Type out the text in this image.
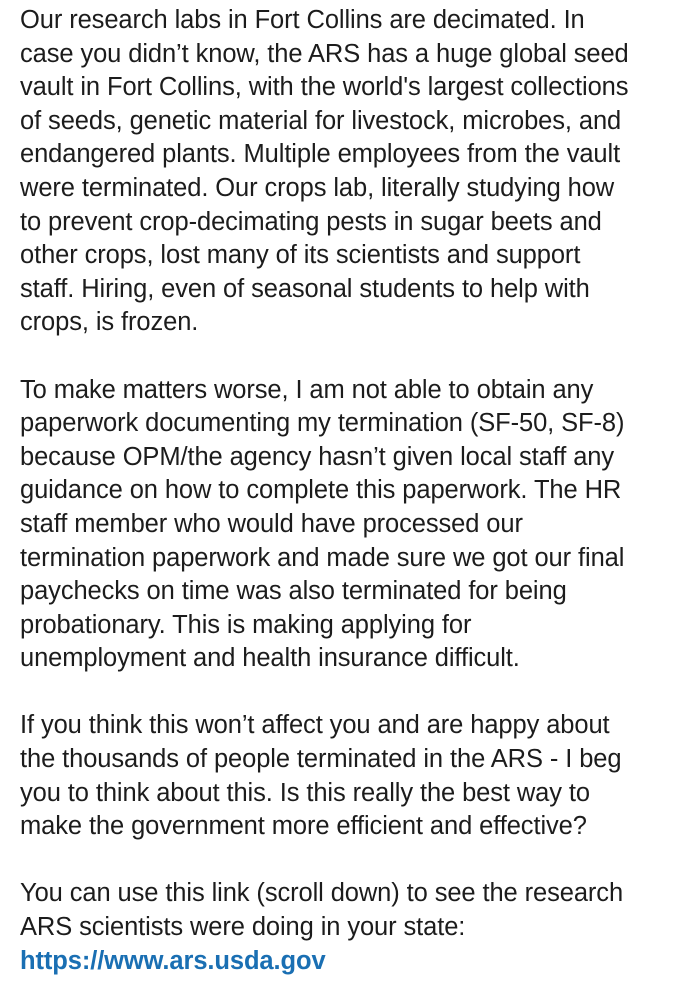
Our research labs in Fort Collins are decimated. In
case you didn’t know, the ARS has a huge global seed
vault in Fort Collins, with the world's largest collections
of seeds, genetic material for livestock, microbes, and
endangered plants. Multiple employees from the vault
were terminated. Our crops lab, literally studying how
to prevent crop-decimating pests in sugar beets and
other crops, lost many of its scientists and support
staff. Hiring, even of seasonal students to help with
crops, is frozen.
To make matters worse, I am not able to obtain any
paperwork documenting my termination (SF-50, SF-8)
because OPM/the agency hasn’t given local staff any
guidance on how to complete this paperwork. The HR
staff member who would have processed our
termination paperwork and made sure we got our final
paychecks on time was also terminated for being
probationary. This is making applying for
unemployment and health insurance difficult.
If you think this won’t affect you and are happy about
the thousands of people terminated in the ARS - I beg
you to think about this. Is this really the best way to
make the government more efficient and effective?
You can use this link (scroll down) to see the research
ARS scientists were doing in your state:
https://www.ars.usda.gov
